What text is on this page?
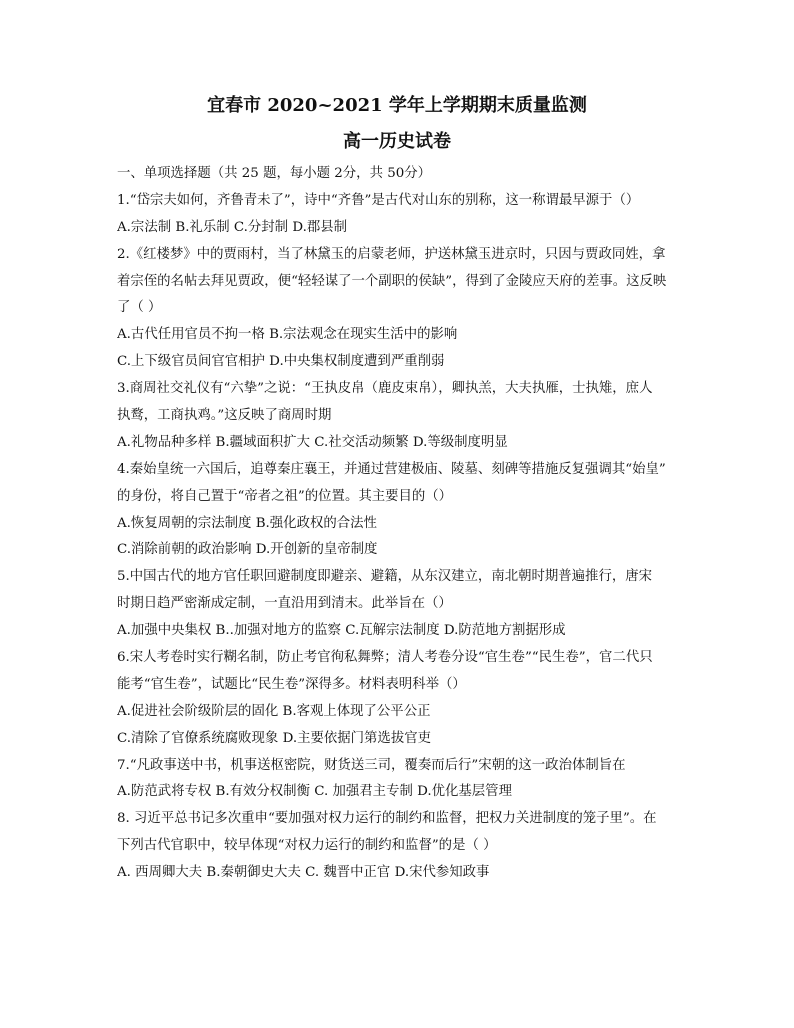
宜春市 2020~2021 学年上学期期末质量监测
高一历史试卷
一、单项选择题（共 25 题，每小题 2分，共 50分）
1.“岱宗夫如何，齐鲁青未了”，诗中“齐鲁”是古代对山东的别称，这一称谓最早源于（）
A.宗法制 B.礼乐制 C.分封制 D.郡县制
2.《红楼梦》中的贾雨村，当了林黛玉的启蒙老师，护送林黛玉进京时，只因与贾政同姓，拿
着宗侄的名帖去拜见贾政，便“轻轻谋了一个副职的侯缺”，得到了金陵应天府的差事。这反映
了（ ）
A.古代任用官员不拘一格 B.宗法观念在现实生活中的影响
C.上下级官员间官官相护 D.中央集权制度遭到严重削弱
3.商周社交礼仪有“六挚”之说：“王执皮帛（鹿皮束帛），卿执羔，大夫执雁，士执雉，庶人
执鹜，工商执鸡。”这反映了商周时期
A.礼物品种多样 B.疆域面积扩大 C.社交活动频繁 D.等级制度明显
4.秦始皇统一六国后，追尊秦庄襄王，并通过营建极庙、陵墓、刻碑等措施反复强调其“始皇”
的身份，将自己置于“帝者之祖”的位置。其主要目的（）
A.恢复周朝的宗法制度 B.强化政权的合法性
C.消除前朝的政治影响 D.开创新的皇帝制度
5.中国古代的地方官任职回避制度即避亲、避籍，从东汉建立，南北朝时期普遍推行，唐宋
时期日趋严密渐成定制，一直沿用到清末。此举旨在（）
A.加强中央集权 B..加强对地方的监察 C.瓦解宗法制度 D.防范地方割据形成
6.宋人考卷时实行糊名制，防止考官徇私舞弊；清人考卷分设“官生卷”“民生卷”，官二代只
能考“官生卷”，试题比“民生卷”深得多。材料表明科举（）
A.促进社会阶级阶层的固化 B.客观上体现了公平公正
C.清除了官僚系统腐败现象 D.主要依据门第选拔官吏
7.“凡政事送中书，机事送枢密院，财货送三司，覆奏而后行”宋朝的这一政治体制旨在
A.防范武将专权 B.有效分权制衡 C. 加强君主专制 D.优化基层管理
8. 习近平总书记多次重申“要加强对权力运行的制约和监督，把权力关进制度的笼子里”。在
下列古代官职中，较早体现“对权力运行的制约和监督”的是（ ）
A. 西周卿大夫 B.秦朝御史大夫 C. 魏晋中正官 D.宋代参知政事
